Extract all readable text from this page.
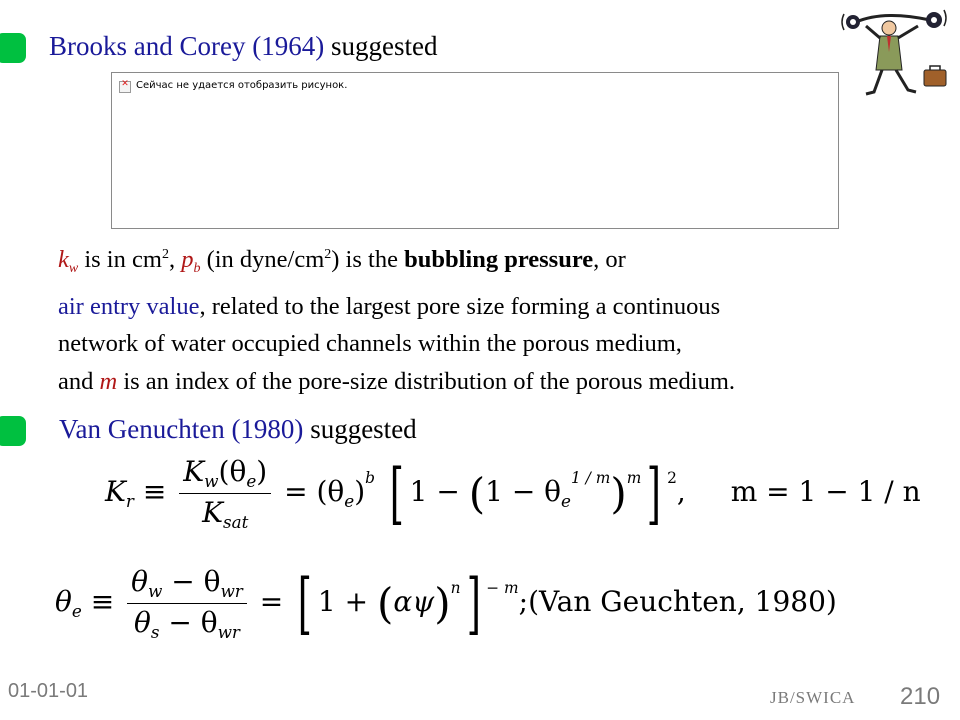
Brooks and Corey (1964) suggested
✕
Сейчас не удается отобразить рисунок.
$k_w$ is in $cm^2$, $p_b$ (in dyne/$cm^2$) is the bubbling pressure, or
air entry value, related to the largest pore size forming a continuous
network of water occupied channels within the porous medium,
and m is an index of the pore-size distribution of the porous medium.
Van Genuchten (1980) suggested
$K_r \equiv \frac{K_w(\theta_e)}{K_{sat}} = (\theta_e)^b$ [ $1 - (1 - \theta_e^{1 / m})^m$] $^2$, m = 1 − 1 / n
$\theta_e \equiv \frac{\theta_w - \theta_{wr}}{\theta_s - \theta_{wr}}$ = [ $1 + (\alpha\psi)^n$] $^{- m}$;(Van Geuchten, 1980)
01-01-01	JB/SWICA 210
